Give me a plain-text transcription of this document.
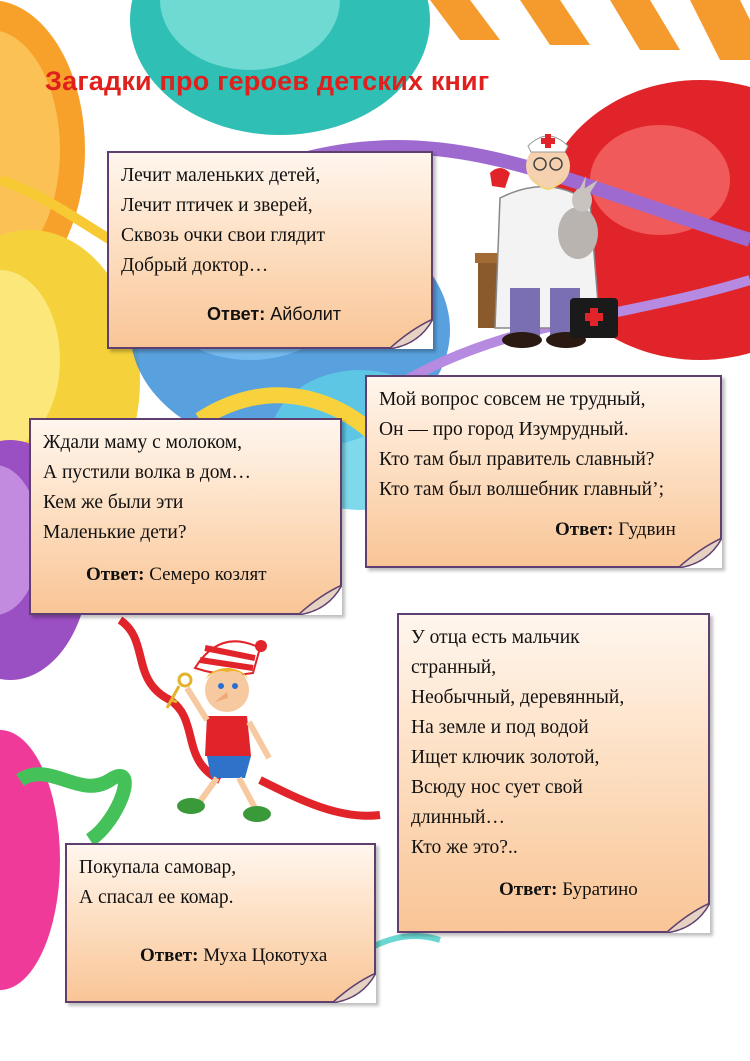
Загадки про героев детских книг
Лечит маленьких детей,
Лечит птичек и зверей,
Сквозь очки свои глядит
Добрый доктор…
Ответ: Айболит
Мой вопрос совсем не трудный,
Он — про город Изумрудный.
Кто там был правитель славный?
Кто там был волшебник главный’;
Ответ: Гудвин
Ждали маму с молоком,
А пустили волка в дом…
Кем же были эти
Маленькие дети?
Ответ: Семеро козлят
У отца есть мальчик
странный,
Необычный, деревянный,
На земле и под водой
Ищет ключик золотой,
Всюду нос сует свой
длинный…
Кто же это?..
Ответ: Буратино
Покупала самовар,
А спасал ее комар.
Ответ: Муха Цокотуха
